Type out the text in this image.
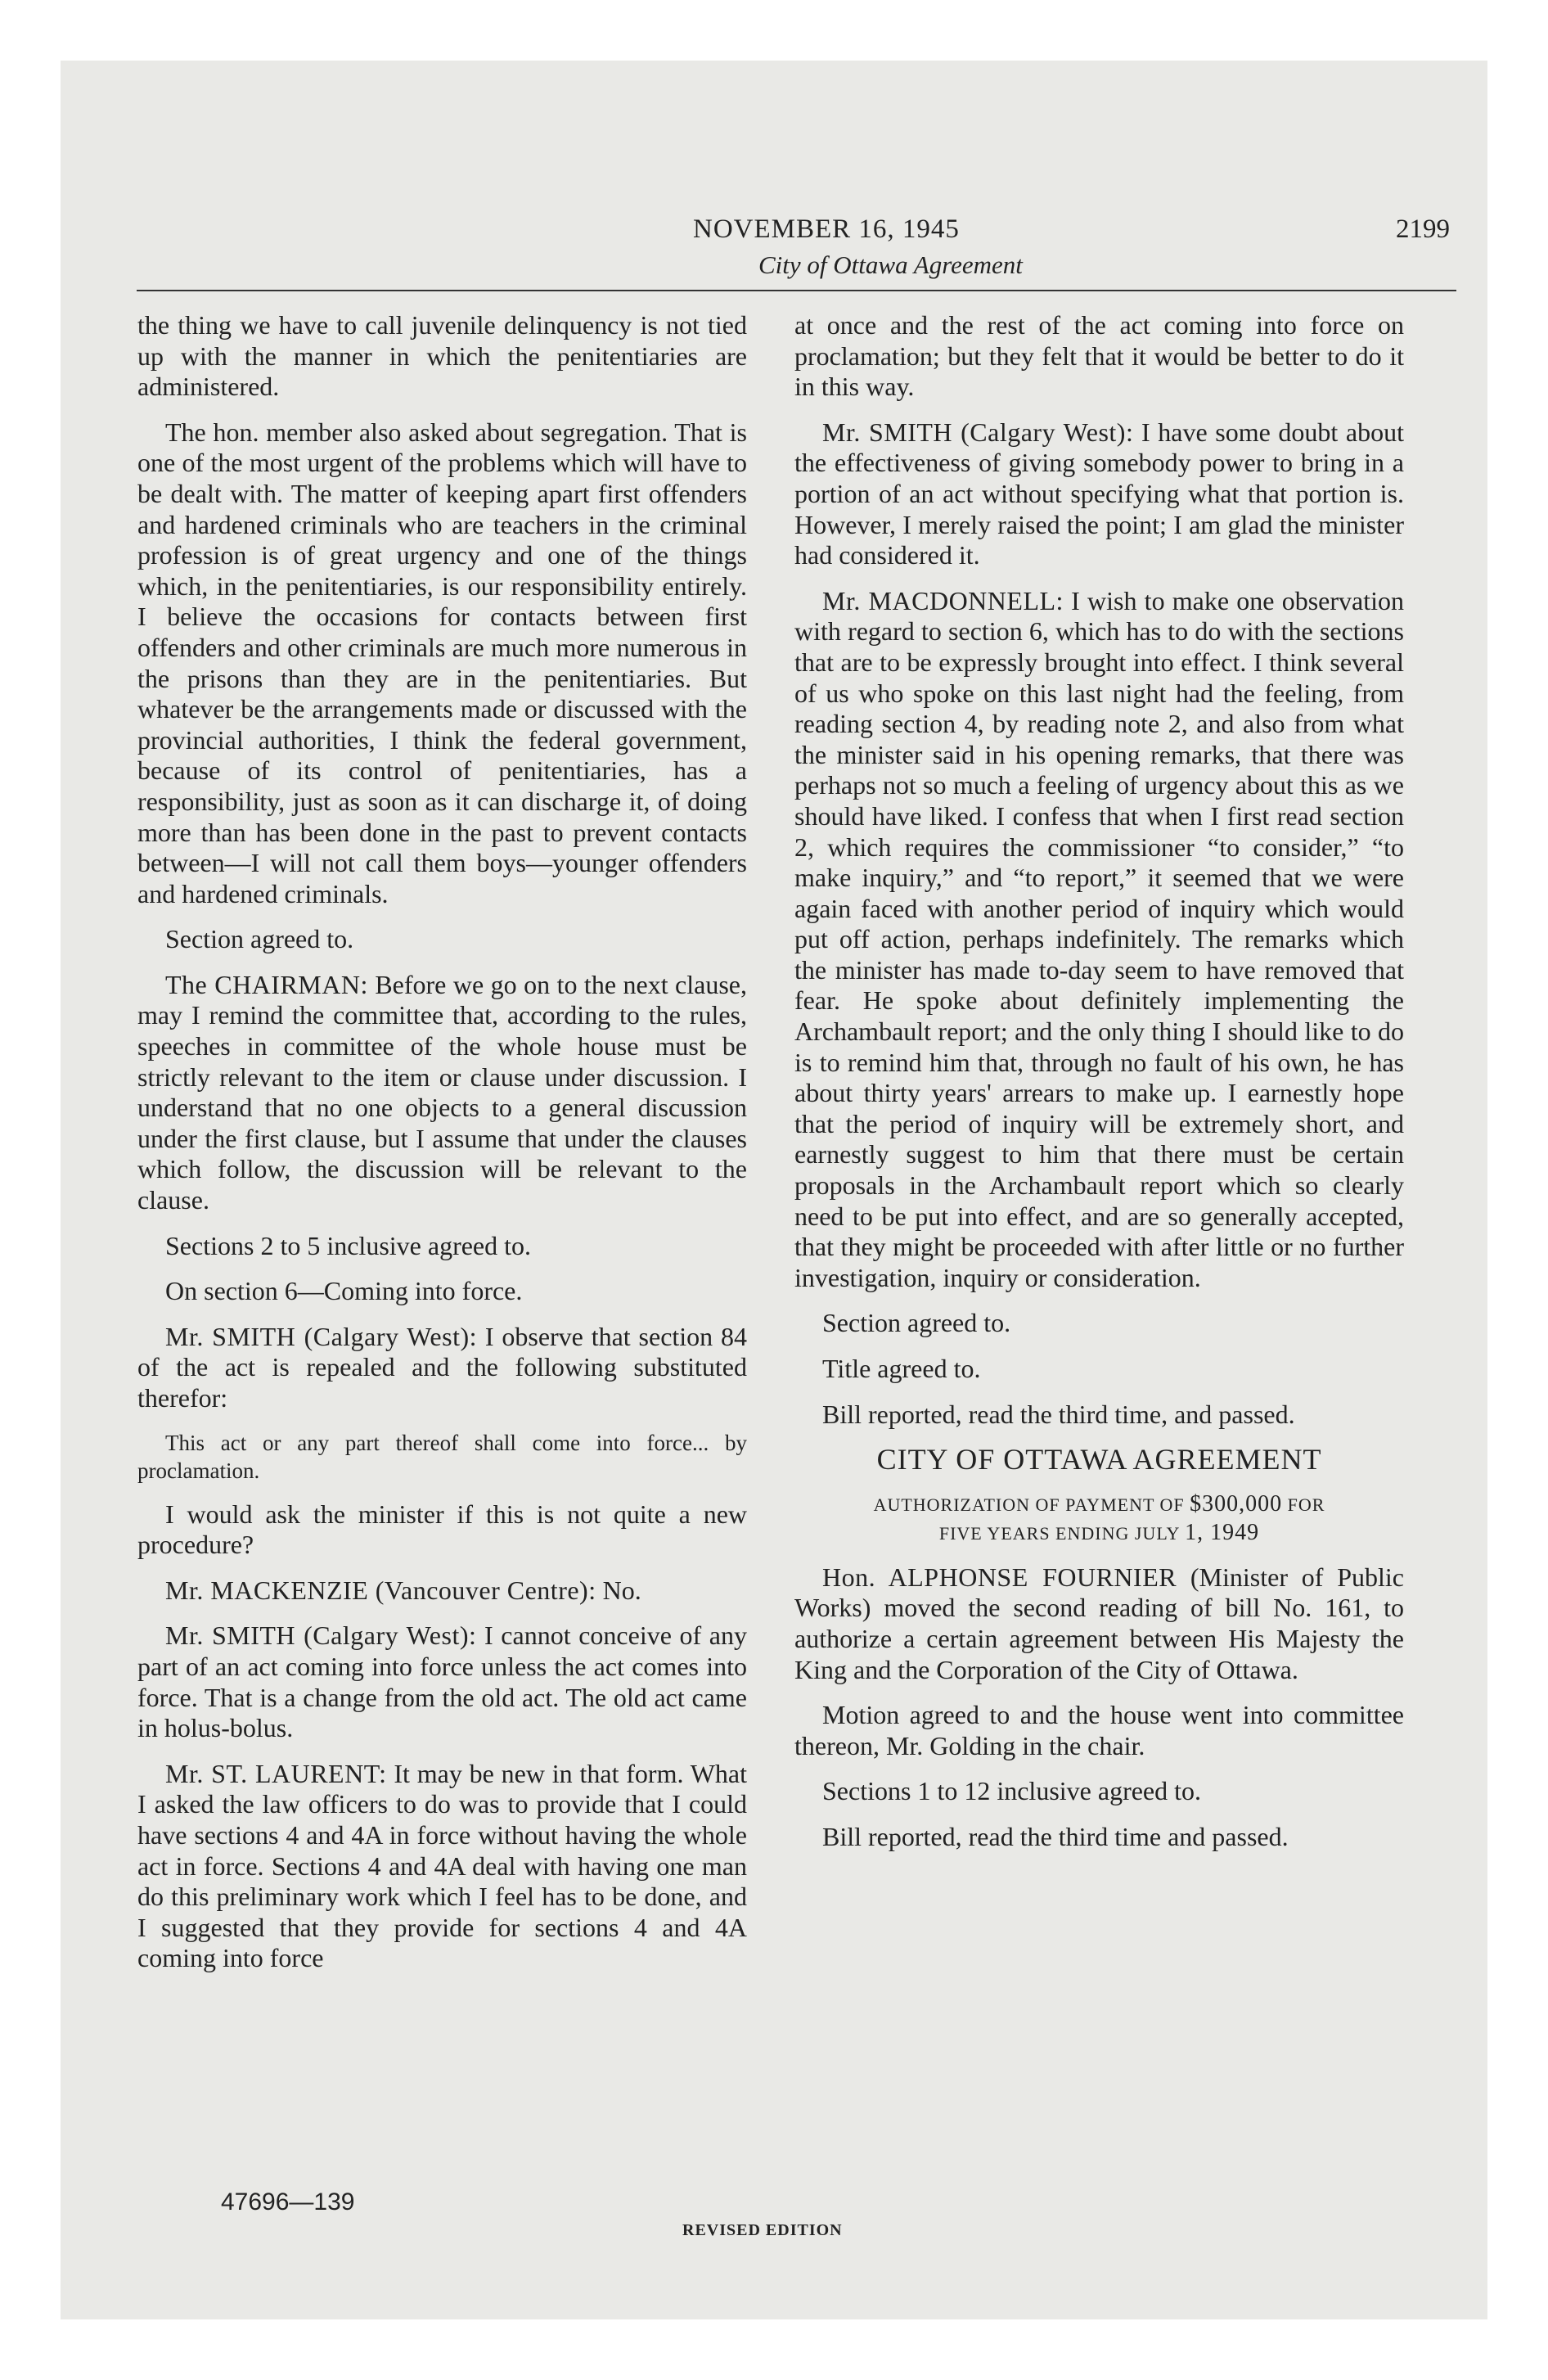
NOVEMBER 16, 1945	2199
City of Ottawa Agreement

the thing we have to call juvenile delinquency is not tied up with the manner in which the penitentiaries are administered.

The hon. member also asked about segregation. That is one of the most urgent of the problems which will have to be dealt with. The matter of keeping apart first offenders and hardened criminals who are teachers in the criminal profession is of great urgency and one of the things which, in the penitentiaries, is our responsibility entirely. I believe the occasions for contacts between first offenders and other criminals are much more numerous in the prisons than they are in the penitentiaries. But whatever be the arrangements made or discussed with the provincial authorities, I think the federal government, because of its control of penitentiaries, has a responsibility, just as soon as it can discharge it, of doing more than has been done in the past to prevent contacts between—I will not call them boys—younger offenders and hardened criminals.

Section agreed to.

The CHAIRMAN: Before we go on to the next clause, may I remind the committee that, according to the rules, speeches in committee of the whole house must be strictly relevant to the item or clause under discussion. I understand that no one objects to a general discussion under the first clause, but I assume that under the clauses which follow, the discussion will be relevant to the clause.

Sections 2 to 5 inclusive agreed to.

On section 6—Coming into force.

Mr. SMITH (Calgary West): I observe that section 84 of the act is repealed and the following substituted therefor:

This act or any part thereof shall come into force... by proclamation.

I would ask the minister if this is not quite a new procedure?

Mr. MACKENZIE (Vancouver Centre): No.

Mr. SMITH (Calgary West): I cannot conceive of any part of an act coming into force unless the act comes into force. That is a change from the old act. The old act came in holus-bolus.

Mr. ST. LAURENT: It may be new in that form. What I asked the law officers to do was to provide that I could have sections 4 and 4A in force without having the whole act in force. Sections 4 and 4A deal with having one man do this preliminary work which I feel has to be done, and I suggested that they provide for sections 4 and 4A coming into force

at once and the rest of the act coming into force on proclamation; but they felt that it would be better to do it in this way.

Mr. SMITH (Calgary West): I have some doubt about the effectiveness of giving somebody power to bring in a portion of an act without specifying what that portion is. However, I merely raised the point; I am glad the minister had considered it.

Mr. MACDONNELL: I wish to make one observation with regard to section 6, which has to do with the sections that are to be expressly brought into effect. I think several of us who spoke on this last night had the feeling, from reading section 4, by reading note 2, and also from what the minister said in his opening remarks, that there was perhaps not so much a feeling of urgency about this as we should have liked. I confess that when I first read section 2, which requires the commissioner “to consider,” “to make inquiry,” and “to report,” it seemed that we were again faced with another period of inquiry which would put off action, perhaps indefinitely. The remarks which the minister has made to-day seem to have removed that fear. He spoke about definitely implementing the Archambault report; and the only thing I should like to do is to remind him that, through no fault of his own, he has about thirty years' arrears to make up. I earnestly hope that the period of inquiry will be extremely short, and earnestly suggest to him that there must be certain proposals in the Archambault report which so clearly need to be put into effect, and are so generally accepted, that they might be proceeded with after little or no further investigation, inquiry or consideration.

Section agreed to.

Title agreed to.

Bill reported, read the third time, and passed.

CITY OF OTTAWA AGREEMENT

AUTHORIZATION OF PAYMENT OF $300,000 FOR
FIVE YEARS ENDING JULY 1, 1949

Hon. ALPHONSE FOURNIER (Minister of Public Works) moved the second reading of bill No. 161, to authorize a certain agreement between His Majesty the King and the Corporation of the City of Ottawa.

Motion agreed to and the house went into committee thereon, Mr. Golding in the chair.

Sections 1 to 12 inclusive agreed to.

Bill reported, read the third time and passed.

47696—139
REVISED EDITION
